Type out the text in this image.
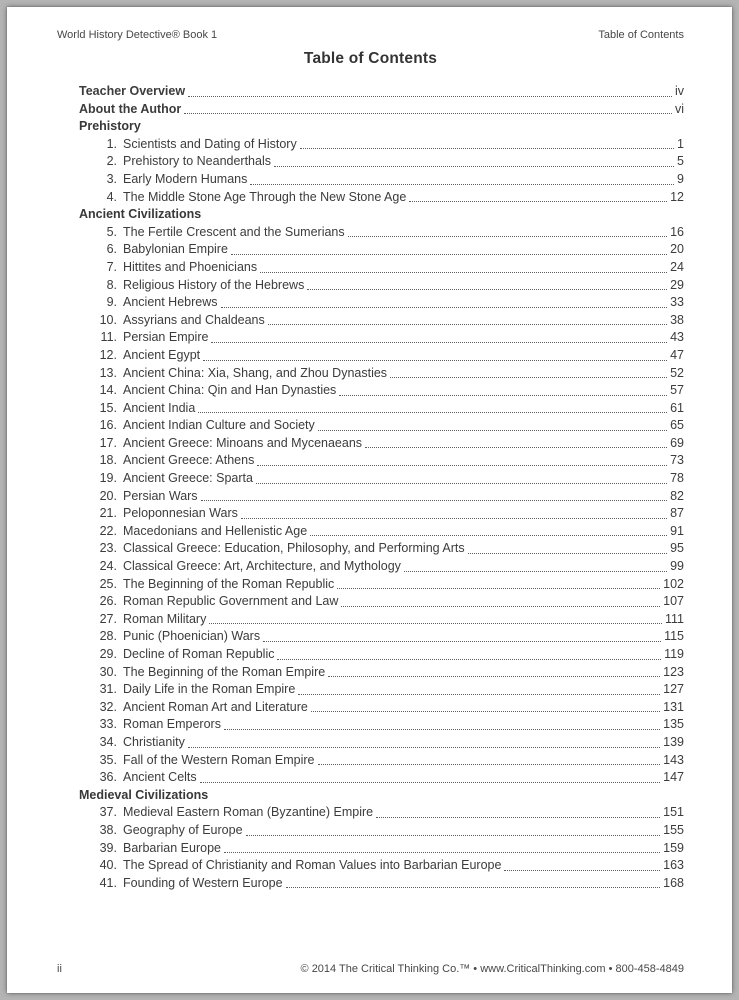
World History Detective® Book 1	Table of Contents
Table of Contents
Teacher Overview	iv
About the Author	vi
Prehistory
1. Scientists and Dating of History	1
2. Prehistory to Neanderthals	5
3. Early Modern Humans	9
4. The Middle Stone Age Through the New Stone Age	12
Ancient Civilizations
5. The Fertile Crescent and the Sumerians	16
6. Babylonian Empire	20
7. Hittites and Phoenicians	24
8. Religious History of the Hebrews	29
9. Ancient Hebrews	33
10. Assyrians and Chaldeans	38
11. Persian Empire	43
12. Ancient Egypt	47
13. Ancient China: Xia, Shang, and Zhou Dynasties	52
14. Ancient China: Qin and Han Dynasties	57
15. Ancient India	61
16. Ancient Indian Culture and Society	65
17. Ancient Greece: Minoans and Mycenaeans	69
18. Ancient Greece: Athens	73
19. Ancient Greece: Sparta	78
20. Persian Wars	82
21. Peloponnesian Wars	87
22. Macedonians and Hellenistic Age	91
23. Classical Greece: Education, Philosophy, and Performing Arts	95
24. Classical Greece: Art, Architecture, and Mythology	99
25. The Beginning of the Roman Republic	102
26. Roman Republic Government and Law	107
27. Roman Military	111
28. Punic (Phoenician) Wars	115
29. Decline of Roman Republic	119
30. The Beginning of the Roman Empire	123
31. Daily Life in the Roman Empire	127
32. Ancient Roman Art and Literature	131
33. Roman Emperors	135
34. Christianity	139
35. Fall of the Western Roman Empire	143
36. Ancient Celts	147
Medieval Civilizations
37. Medieval Eastern Roman (Byzantine) Empire	151
38. Geography of Europe	155
39. Barbarian Europe	159
40. The Spread of Christianity and Roman Values into Barbarian Europe	163
41. Founding of Western Europe	168
ii	© 2014 The Critical Thinking Co.™ • www.CriticalThinking.com • 800-458-4849
